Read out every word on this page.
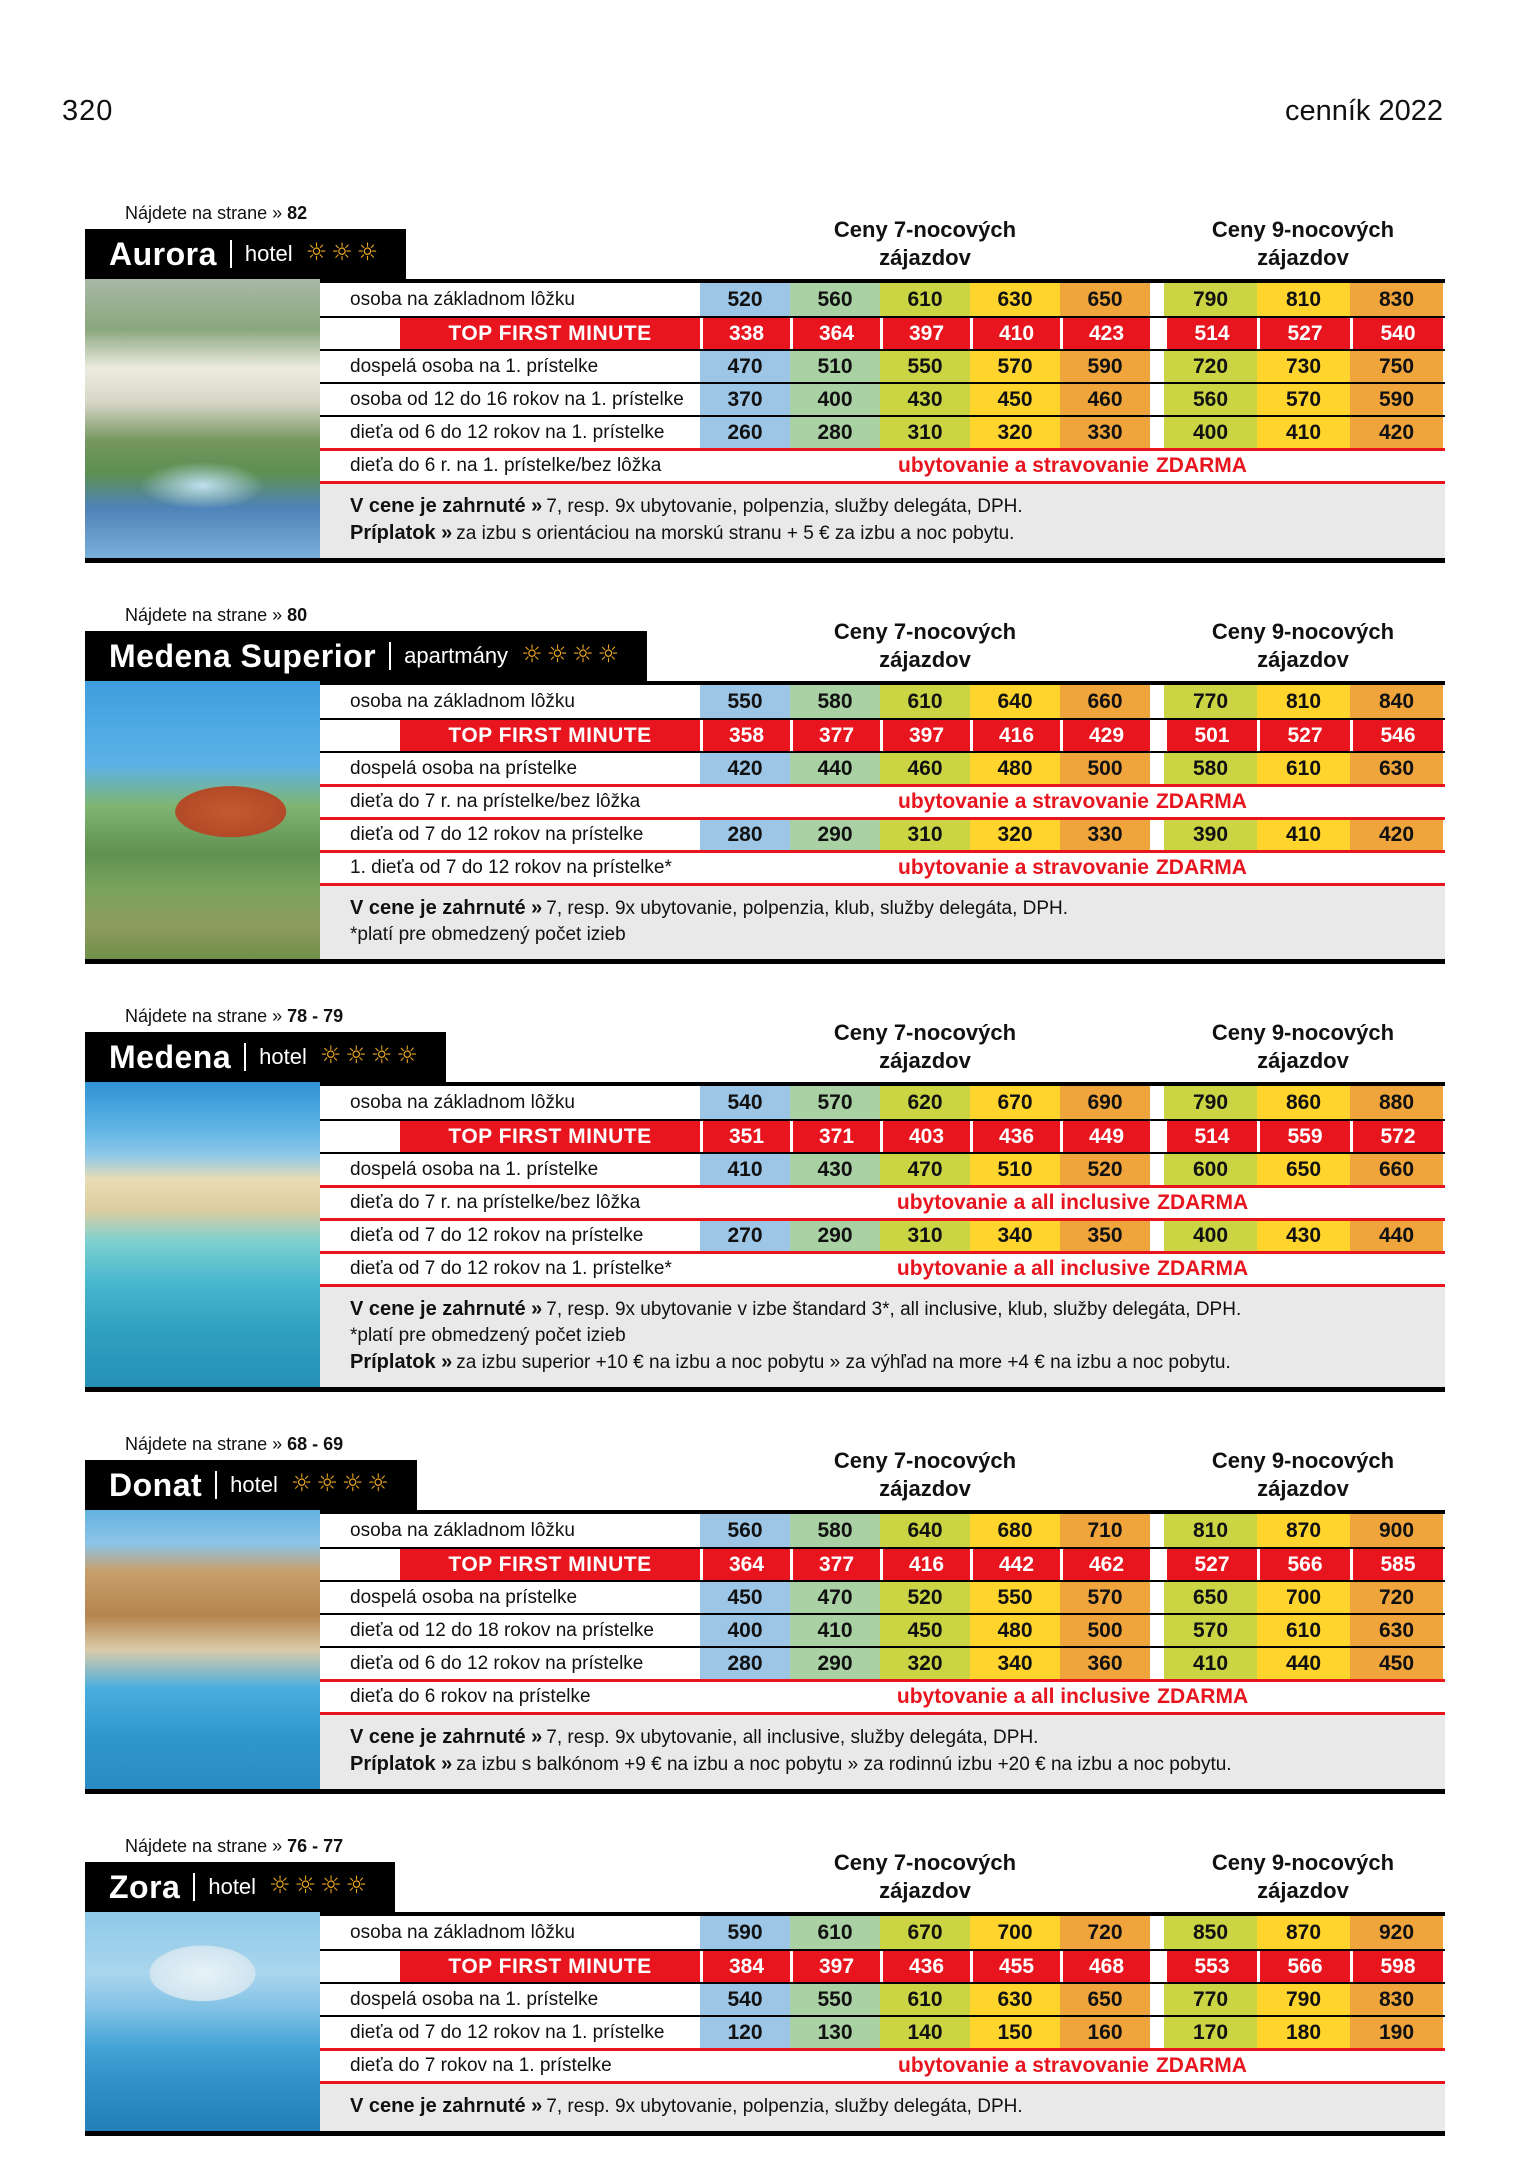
320	cenník 2022
Nájdete na strane » 82
Aurora hotel ☼☼☼
Ceny 7-nocových
zájazdov
Ceny 9-nocových
zájazdov
osoba na základnom lôžku	520	560	610	630	650	790	810	830
TOP FIRST MINUTE	338	364	397	410	423	514	527	540
dospelá osoba na 1. prístelke	470	510	550	570	590	720	730	750
osoba od 12 do 16 rokov na 1. prístelke	370	400	430	450	460	560	570	590
dieťa od 6 do 12 rokov na 1. prístelke	260	280	310	320	330	400	410	420
dieťa do 6 r. na 1. prístelke/bez lôžka	ubytovanie a stravovanie ZDARMA
V cene je zahrnuté » 7, resp. 9x ubytovanie, polpenzia, služby delegáta, DPH.
Príplatok » za izbu s orientáciou na morskú stranu + 5 € za izbu a noc pobytu.
Nájdete na strane » 80
Medena Superior apartmány ☼☼☼☼
Ceny 7-nocových
zájazdov
Ceny 9-nocových
zájazdov
osoba na základnom lôžku	550	580	610	640	660	770	810	840
TOP FIRST MINUTE	358	377	397	416	429	501	527	546
dospelá osoba na prístelke	420	440	460	480	500	580	610	630
dieťa do 7 r. na prístelke/bez lôžka	ubytovanie a stravovanie ZDARMA
dieťa od 7 do 12 rokov na prístelke	280	290	310	320	330	390	410	420
1. dieťa od 7 do 12 rokov na prístelke*	ubytovanie a stravovanie ZDARMA
V cene je zahrnuté » 7, resp. 9x ubytovanie, polpenzia, klub, služby delegáta, DPH.
*platí pre obmedzený počet izieb
Nájdete na strane » 78 - 79
Medena hotel ☼☼☼☼
Ceny 7-nocových
zájazdov
Ceny 9-nocových
zájazdov
osoba na základnom lôžku	540	570	620	670	690	790	860	880
TOP FIRST MINUTE	351	371	403	436	449	514	559	572
dospelá osoba na 1. prístelke	410	430	470	510	520	600	650	660
dieťa do 7 r. na prístelke/bez lôžka	ubytovanie a all inclusive ZDARMA
dieťa od 7 do 12 rokov na prístelke	270	290	310	340	350	400	430	440
dieťa od 7 do 12 rokov na 1. prístelke*	ubytovanie a all inclusive ZDARMA
V cene je zahrnuté » 7, resp. 9x ubytovanie v izbe štandard 3*, all inclusive, klub, služby delegáta, DPH.
*platí pre obmedzený počet izieb
Príplatok » za izbu superior +10 € na izbu a noc pobytu » za výhľad na more +4 € na izbu a noc pobytu.
Nájdete na strane » 68 - 69
Donat hotel ☼☼☼☼
Ceny 7-nocových
zájazdov
Ceny 9-nocových
zájazdov
osoba na základnom lôžku	560	580	640	680	710	810	870	900
TOP FIRST MINUTE	364	377	416	442	462	527	566	585
dospelá osoba na prístelke	450	470	520	550	570	650	700	720
dieťa od 12 do 18 rokov na prístelke	400	410	450	480	500	570	610	630
dieťa od 6 do 12 rokov na prístelke	280	290	320	340	360	410	440	450
dieťa do 6 rokov na prístelke	ubytovanie a all inclusive ZDARMA
V cene je zahrnuté » 7, resp. 9x ubytovanie, all inclusive, služby delegáta, DPH.
Príplatok » za izbu s balkónom +9 € na izbu a noc pobytu » za rodinnú izbu +20 € na izbu a noc pobytu.
Nájdete na strane » 76 - 77
Zora hotel ☼☼☼☼
Ceny 7-nocových
zájazdov
Ceny 9-nocových
zájazdov
osoba na základnom lôžku	590	610	670	700	720	850	870	920
TOP FIRST MINUTE	384	397	436	455	468	553	566	598
dospelá osoba na 1. prístelke	540	550	610	630	650	770	790	830
dieťa od 7 do 12 rokov na 1. prístelke	120	130	140	150	160	170	180	190
dieťa do 7 rokov na 1. prístelke	ubytovanie a stravovanie ZDARMA
V cene je zahrnuté » 7, resp. 9x ubytovanie, polpenzia, služby delegáta, DPH.
